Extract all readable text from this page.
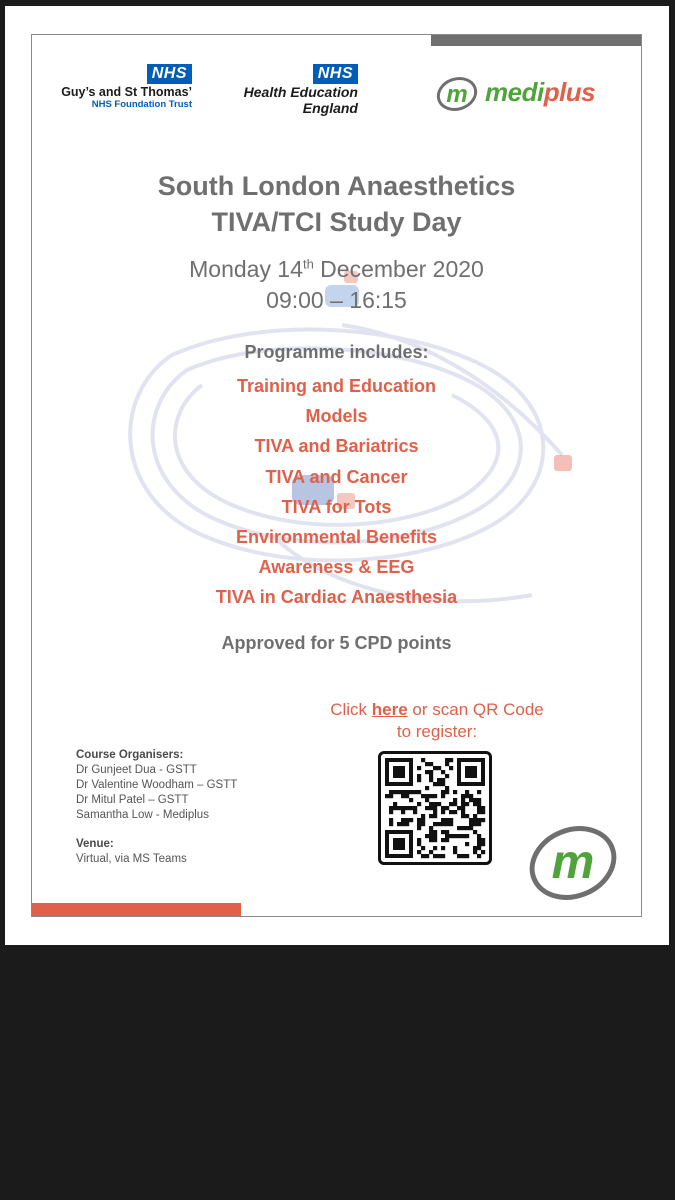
NHS
Guy’s and St Thomas’
NHS Foundation Trust
NHS
Health Education
England	m mediplus
South London Anaesthetics
TIVA/TCI Study Day
Monday 14th December 2020
09:00 – 16:15
Programme includes:
Training and Education
Models
TIVA and Bariatrics
TIVA and Cancer
TIVA for Tots
Environmental Benefits
Awareness & EEG
TIVA in Cardiac Anaesthesia
Approved for 5 CPD points
Click here or scan QR Code
to register:
Course Organisers:
Dr Gunjeet Dua - GSTT
Dr Valentine Woodham – GSTT
Dr Mitul Patel – GSTT
Samantha Low - Mediplus
Venue:
Virtual, via MS Teams	m
